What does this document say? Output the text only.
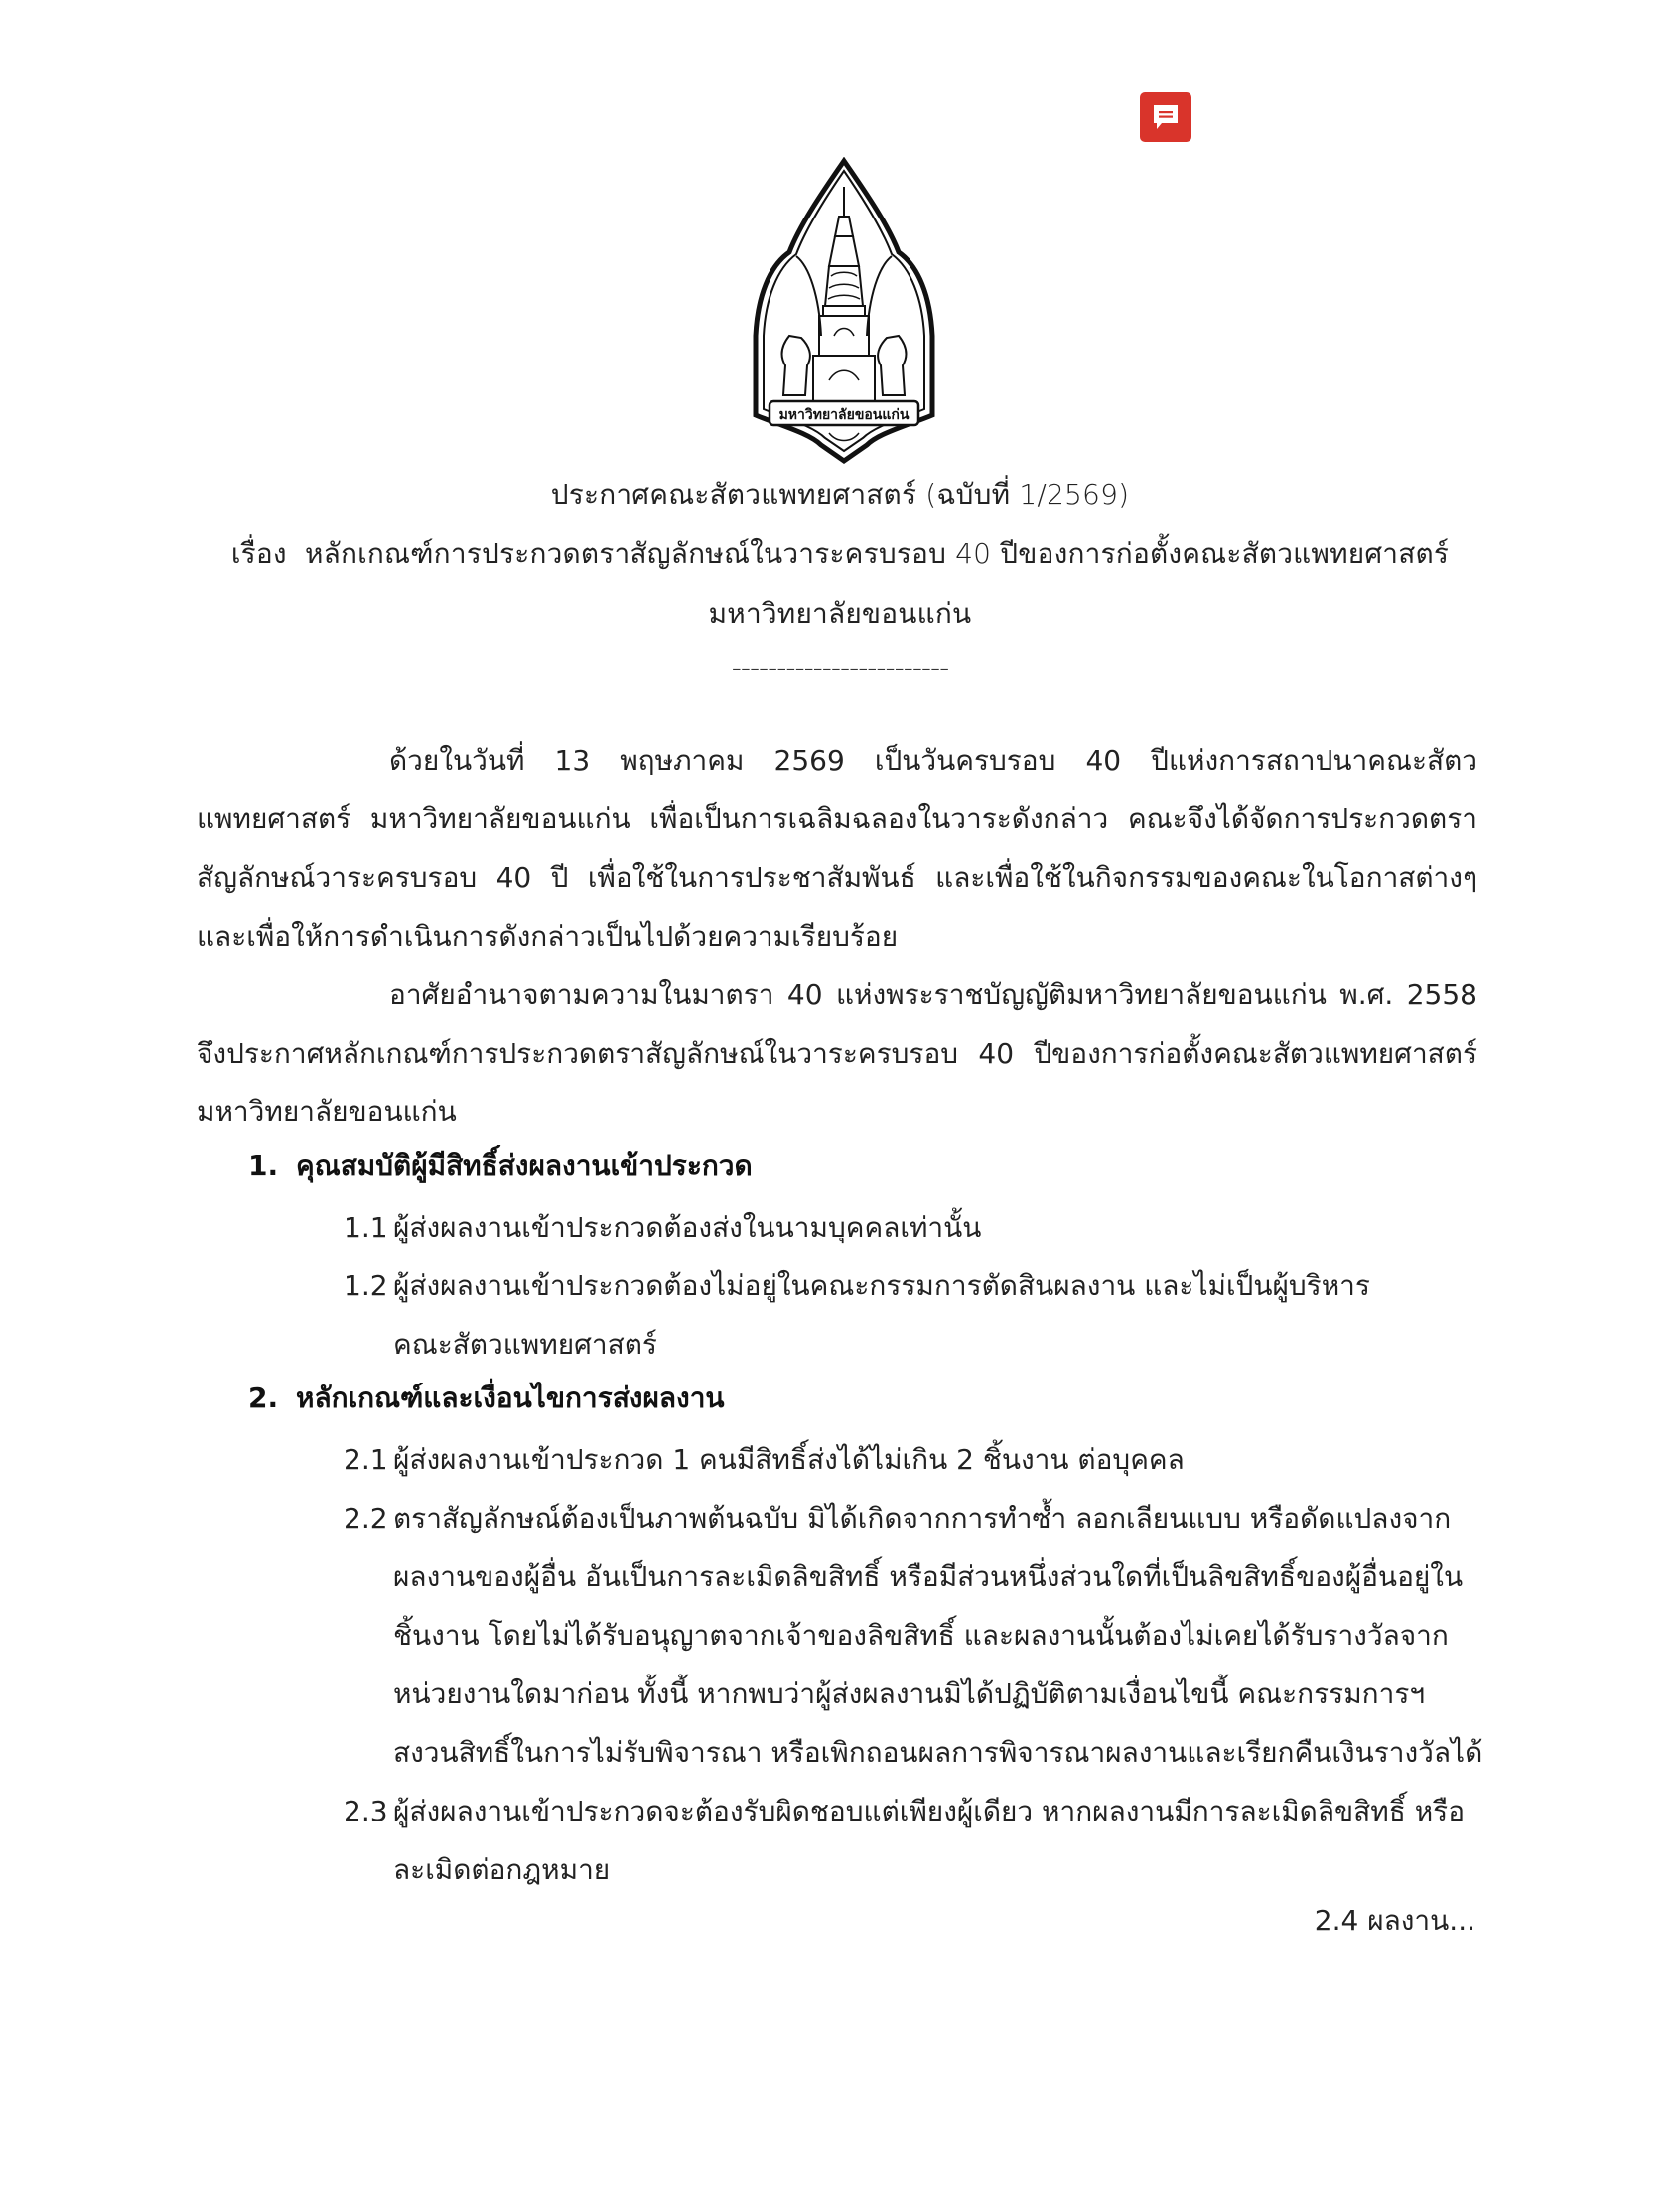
มหาวิทยาลัยขอนแก่น
ประกาศคณะสัตวแพทยศาสตร์ (ฉบับที่ 1/2569)
เรื่อง หลักเกณฑ์การประกวดตราสัญลักษณ์ในวาระครบรอบ 40 ปีของการก่อตั้งคณะสัตวแพทยศาสตร์
มหาวิทยาลัยขอนแก่น
------------------------
ด้วยในวันที่ 13 พฤษภาคม 2569 เป็นวันครบรอบ 40 ปีแห่งการสถาปนาคณะสัตวแพทยศาสตร์ มหาวิทยาลัยขอนแก่น เพื่อเป็นการเฉลิมฉลองในวาระดังกล่าว คณะจึงได้จัดการประกวดตราสัญลักษณ์วาระครบรอบ 40 ปี เพื่อใช้ในการประชาสัมพันธ์ และเพื่อใช้ในกิจกรรมของคณะในโอกาสต่างๆ และเพื่อให้การดำเนินการดังกล่าวเป็นไปด้วยความเรียบร้อย
อาศัยอำนาจตามความในมาตรา 40 แห่งพระราชบัญญัติมหาวิทยาลัยขอนแก่น พ.ศ. 2558 จึงประกาศหลักเกณฑ์การประกวดตราสัญลักษณ์ในวาระครบรอบ 40 ปีของการก่อตั้งคณะสัตวแพทยศาสตร์ มหาวิทยาลัยขอนแก่น
1. คุณสมบัติผู้มีสิทธิ์ส่งผลงานเข้าประกวด
1.1 ผู้ส่งผลงานเข้าประกวดต้องส่งในนามบุคคลเท่านั้น
1.2 ผู้ส่งผลงานเข้าประกวดต้องไม่อยู่ในคณะกรรมการตัดสินผลงาน และไม่เป็นผู้บริหาร
คณะสัตวแพทยศาสตร์
2. หลักเกณฑ์และเงื่อนไขการส่งผลงาน
2.1 ผู้ส่งผลงานเข้าประกวด 1 คนมีสิทธิ์ส่งได้ไม่เกิน 2 ชิ้นงาน ต่อบุคคล
2.2 ตราสัญลักษณ์ต้องเป็นภาพต้นฉบับ มิได้เกิดจากการทำซ้ำ ลอกเลียนแบบ หรือดัดแปลงจาก
ผลงานของผู้อื่น อันเป็นการละเมิดลิขสิทธิ์ หรือมีส่วนหนึ่งส่วนใดที่เป็นลิขสิทธิ์ของผู้อื่นอยู่ใน ชิ้นงาน โดยไม่ได้รับอนุญาตจากเจ้าของลิขสิทธิ์ และผลงานนั้นต้องไม่เคยได้รับรางวัลจาก หน่วยงานใดมาก่อน ทั้งนี้ หากพบว่าผู้ส่งผลงานมิได้ปฏิบัติตามเงื่อนไขนี้ คณะกรรมการฯ สงวนสิทธิ์ในการไม่รับพิจารณา หรือเพิกถอนผลการพิจารณาผลงานและเรียกคืนเงินรางวัลได้
2.3 ผู้ส่งผลงานเข้าประกวดจะต้องรับผิดชอบแต่เพียงผู้เดียว หากผลงานมีการละเมิดลิขสิทธิ์ หรือ
ละเมิดต่อกฎหมาย
2.4 ผลงาน...
